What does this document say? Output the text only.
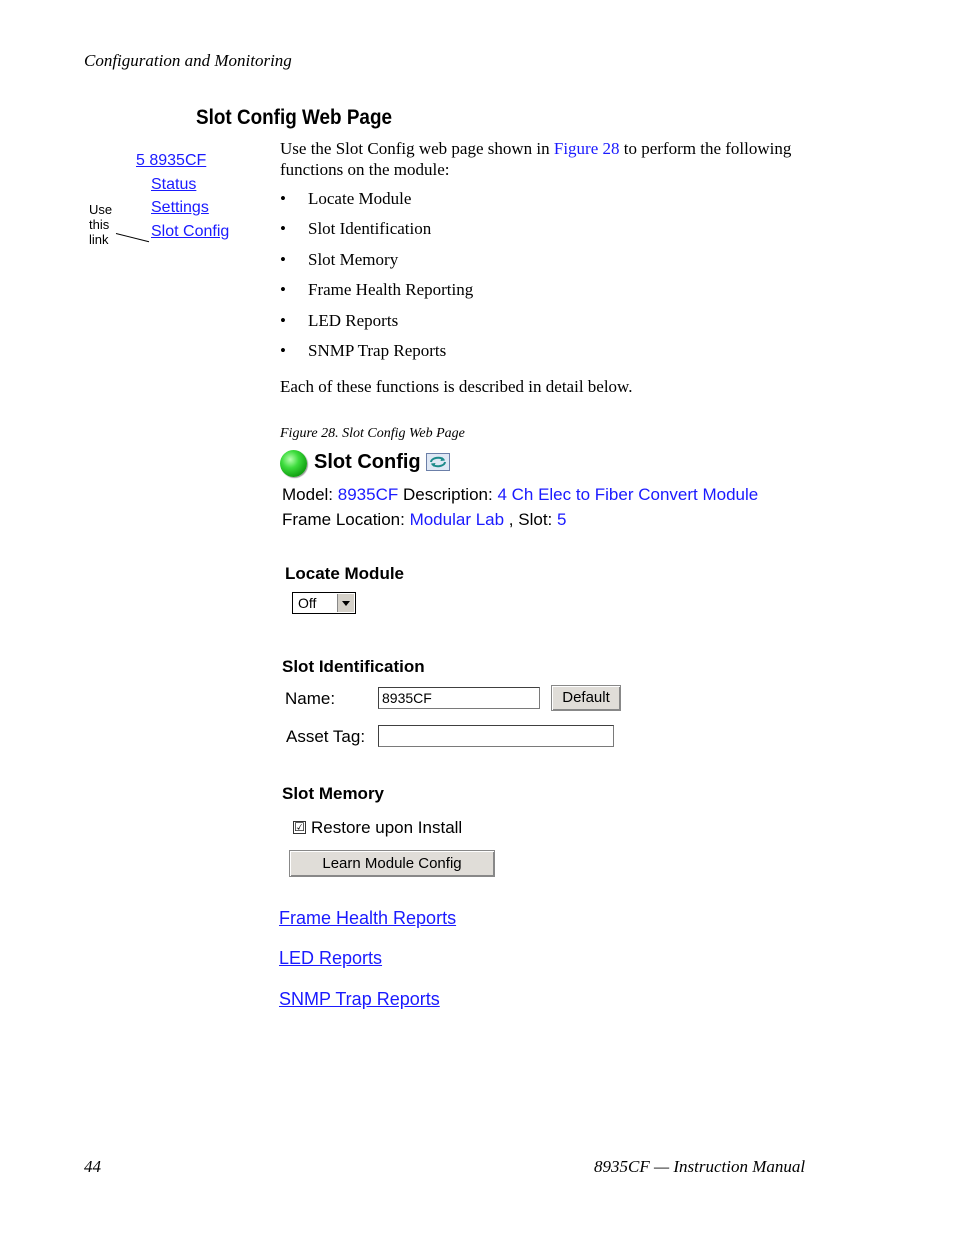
Configuration and Monitoring
Slot Config Web Page
5 8935CF
Status
Settings
Slot Config
Use this link
Use the Slot Config web page shown in Figure 28 to perform the following functions on the module:
• Locate Module
• Slot Identification
• Slot Memory
• Frame Health Reporting
• LED Reports
• SNMP Trap Reports
Each of these functions is described in detail below.
Figure 28. Slot Config Web Page
Slot Config
Model: 8935CF Description: 4 Ch Elec to Fiber Convert Module
Frame Location: Modular Lab , Slot: 5
Locate Module
Off
Slot Identification
Name:	8935CF	Default
Asset Tag:
Slot Memory
☑ Restore upon Install
Learn Module Config
Frame Health Reports
LED Reports
SNMP Trap Reports
44	8935CF — Instruction Manual
